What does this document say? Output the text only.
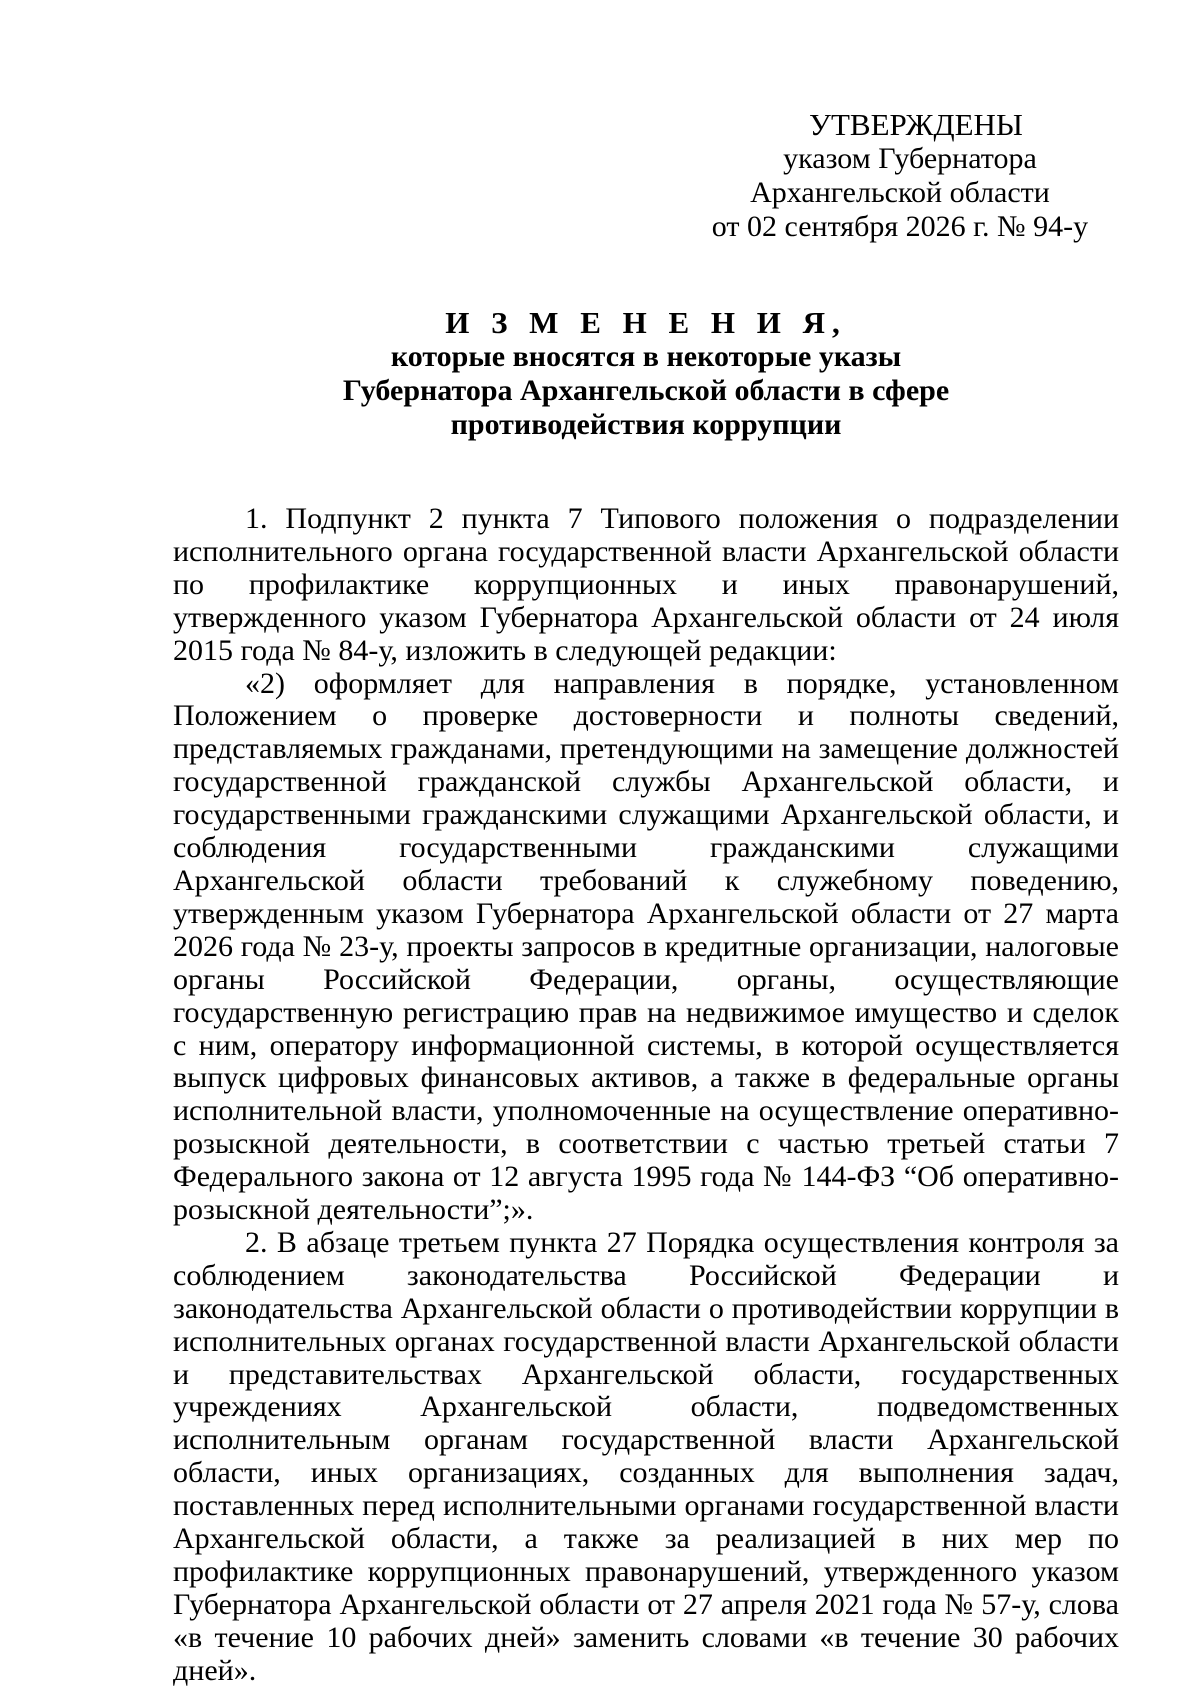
УТВЕРЖДЕНЫ
указом Губернатора
Архангельской области
от 02 сентября 2026 г. № 94-у
И З М Е Н Е Н И Я,
которые вносятся в некоторые указы
Губернатора Архангельской области в сфере
противодействия коррупции

1. Подпункт 2 пункта 7 Типового положения о подразделении исполнительного органа государственной власти Архангельской области по профилактике коррупционных и иных правонарушений, утвержденного указом Губернатора Архангельской области от 24 июля 2015 года № 84-у, изложить в следующей редакции:

«2) оформляет для направления в порядке, установленном Положением о проверке достоверности и полноты сведений, представляемых гражданами, претендующими на замещение должностей государственной гражданской службы Архангельской области, и государственными гражданскими служащими Архангельской области, и соблюдения государственными гражданскими служащими Архангельской области требований к служебному поведению, утвержденным указом Губернатора Архангельской области от 27 марта 2026 года № 23-у, проекты запросов в кредитные организации, налоговые органы Российской Федерации, органы, осуществляющие государственную регистрацию прав на недвижимое имущество и сделок с ним, оператору информационной системы, в которой осуществляется выпуск цифровых финансовых активов, а также в федеральные органы исполнительной власти, уполномоченные на осуществление оперативно-розыскной деятельности, в соответствии с частью третьей статьи 7 Федерального закона от 12 августа 1995 года № 144-ФЗ “Об оперативно-розыскной деятельности”;».

2. В абзаце третьем пункта 27 Порядка осуществления контроля за соблюдением законодательства Российской Федерации и законодательства Архангельской области о противодействии коррупции в исполнительных органах государственной власти Архангельской области и представительствах Архангельской области, государственных учреждениях Архангельской области, подведомственных исполнительным органам государственной власти Архангельской области, иных организациях, созданных для выполнения задач, поставленных перед исполнительными органами государственной власти Архангельской области, а также за реализацией в них мер по профилактике коррупционных правонарушений, утвержденного указом Губернатора Архангельской области от 27 апреля 2021 года № 57-у, слова «в течение 10 рабочих дней» заменить словами «в течение 30 рабочих дней».
